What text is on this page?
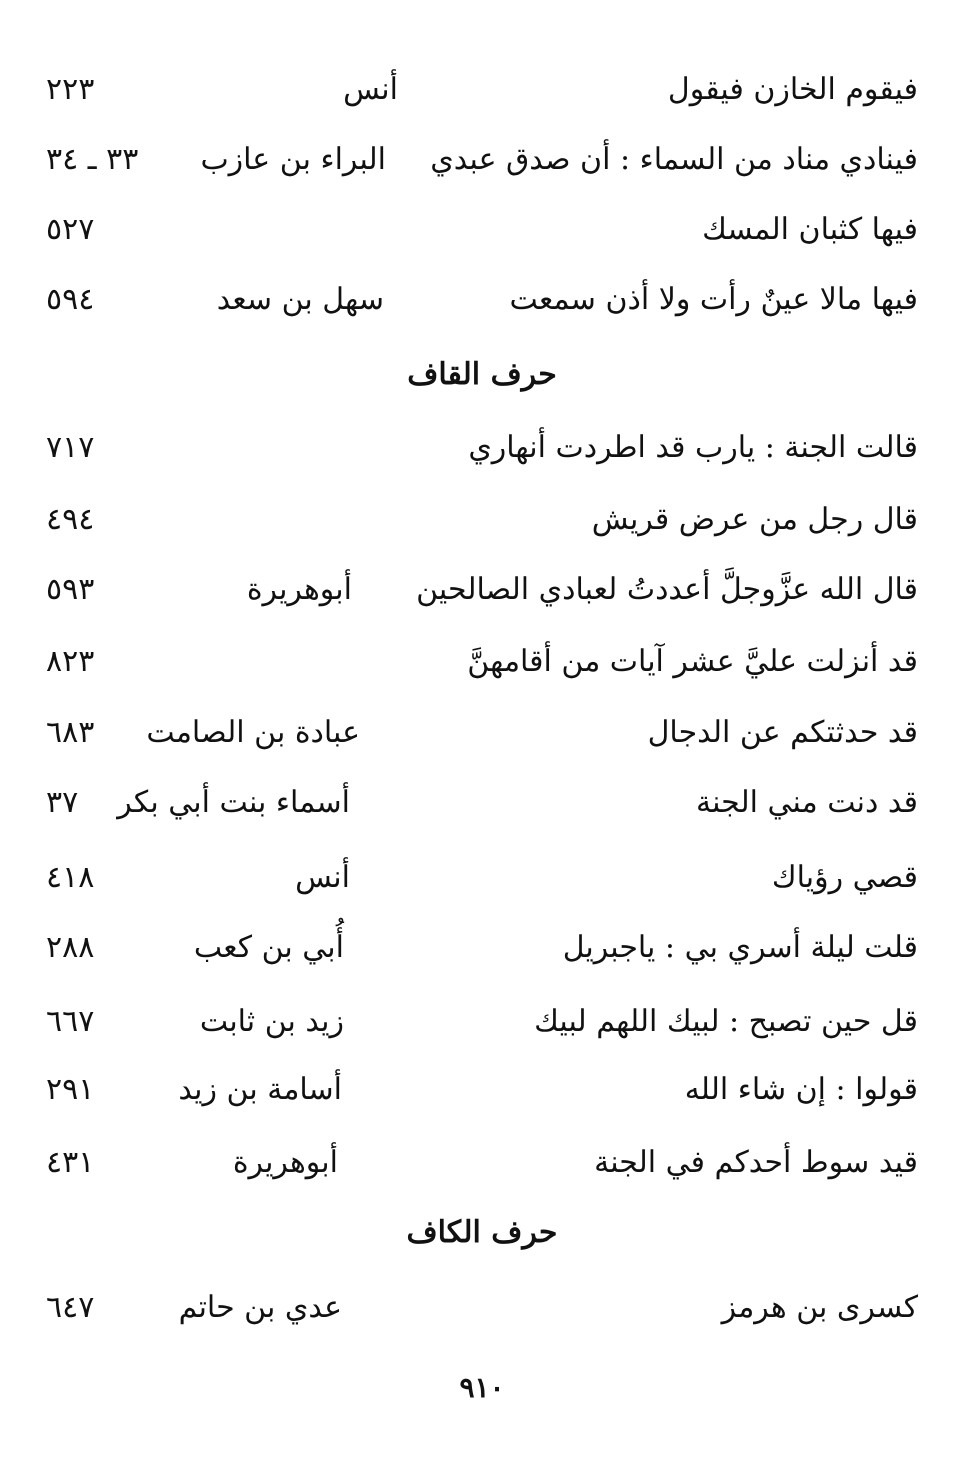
فيقوم الخازن فيقول
أنس
٢٢٣
فينادي مناد من السماء : أن صدق عبدي
البراء بن عازب
٣٣ ـ ٣٤
فيها كثبان المسك
٥٢٧
فيها مالا عينٌ رأت ولا أذن سمعت
سهل بن سعد
٥٩٤
حرف القاف
قالت الجنة : يارب قد اطردت أنهاري
٧١٧
قال رجل من عرض قريش
٤٩٤
قال الله عزَّوجلَّ أعددتُ لعبادي الصالحين
أبوهريرة
٥٩٣
قد أنزلت عليَّ عشر آيات من أقامهنَّ
٨٢٣
قد حدثتكم عن الدجال
عبادة بن الصامت
٦٨٣
قد دنت مني الجنة
أسماء بنت أبي بكر
٣٧
قصي رؤياك
أنس
٤١٨
قلت ليلة أسري بي : ياجبريل
أُبي بن كعب
٢٨٨
قل حين تصبح : لبيك اللهم لبيك
زيد بن ثابت
٦٦٧
قولوا : إن شاء الله
أسامة بن زيد
٢٩١
قيد سوط أحدكم في الجنة
أبوهريرة
٤٣١
حرف الكاف
كسرى بن هرمز
عدي بن حاتم
٦٤٧
٩١٠
